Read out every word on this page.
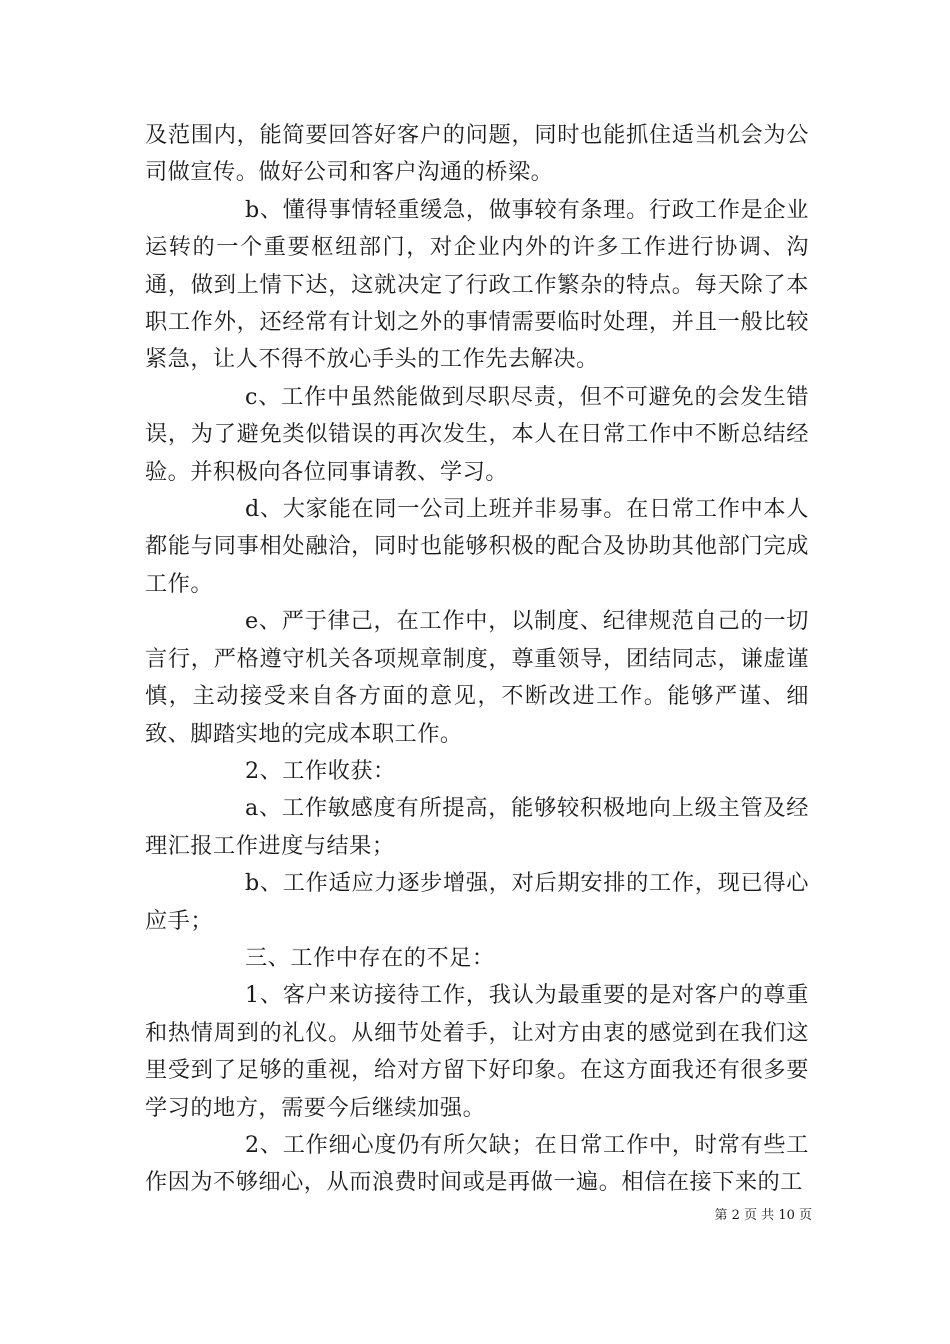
及范围内，能简要回答好客户的问题，同时也能抓住适当机会为公司做宣传。做好公司和客户沟通的桥梁。

b、懂得事情轻重缓急，做事较有条理。行政工作是企业运转的一个重要枢纽部门，对企业内外的许多工作进行协调、沟通，做到上情下达，这就决定了行政工作繁杂的特点。每天除了本职工作外，还经常有计划之外的事情需要临时处理，并且一般比较紧急，让人不得不放心手头的工作先去解决。

c、工作中虽然能做到尽职尽责，但不可避免的会发生错误，为了避免类似错误的再次发生，本人在日常工作中不断总结经验。并积极向各位同事请教、学习。

d、大家能在同一公司上班并非易事。在日常工作中本人都能与同事相处融洽，同时也能够积极的配合及协助其他部门完成工作。

e、严于律己，在工作中，以制度、纪律规范自己的一切言行，严格遵守机关各项规章制度，尊重领导，团结同志，谦虚谨慎，主动接受来自各方面的意见，不断改进工作。能够严谨、细致、脚踏实地的完成本职工作。

2、工作收获：

a、工作敏感度有所提高，能够较积极地向上级主管及经理汇报工作进度与结果；

b、工作适应力逐步增强，对后期安排的工作，现已得心应手；

三、工作中存在的不足：

1、客户来访接待工作，我认为最重要的是对客户的尊重和热情周到的礼仪。从细节处着手，让对方由衷的感觉到在我们这里受到了足够的重视，给对方留下好印象。在这方面我还有很多要学习的地方，需要今后继续加强。

2、工作细心度仍有所欠缺；在日常工作中，时常有些工作因为不够细心，从而浪费时间或是再做一遍。相信在接下来的工

第 2 页 共 10 页
